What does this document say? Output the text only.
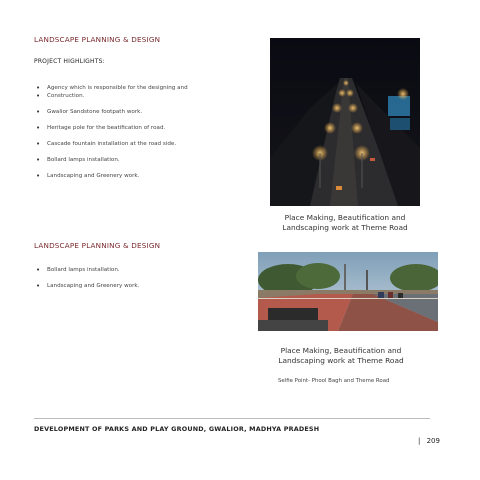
LANDSCAPE PLANNING & DESIGN
PROJECT HIGHLIGHTS:
• Agency which is responsible for the designing and
• Construction.
• Gwalior Sandstone footpath work.
• Heritage pole for the beatification of road.
• Cascade fountain installation at the road side.
• Bollard lamps installation.
• Landscaping and Greenery work.
Place Making, Beautification and
Landscaping work at Theme Road
LANDSCAPE PLANNING & DESIGN
• Bollard lamps installation.
• Landscaping and Greenery work.
Place Making, Beautification and
Landscaping work at Theme Road
Selfie Point- Phool Bagh and Theme Road
DEVELOPMENT OF PARKS AND PLAY GROUND, GWALIOR, MADHYA PRADESH
| 209
